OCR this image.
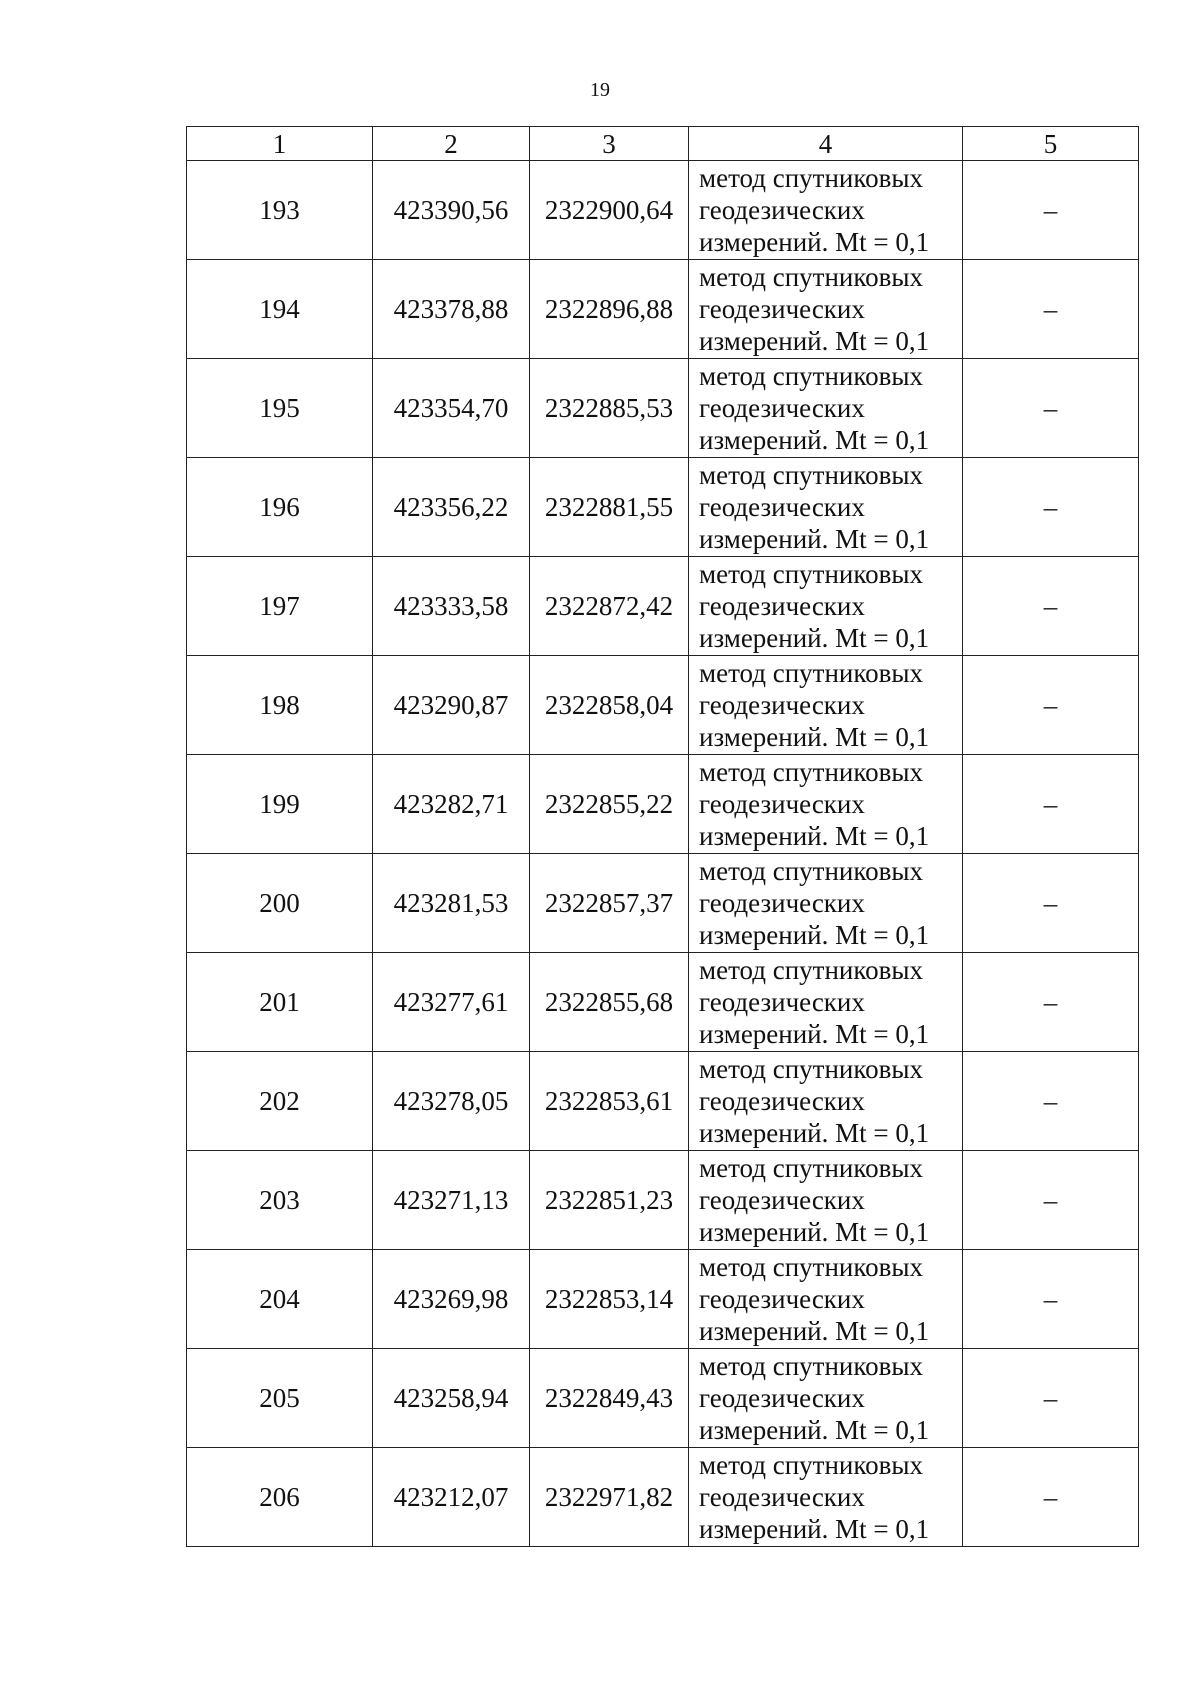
19
1	2	3	4	5
193	423390,56	2322900,64	метод спутниковых
геодезических
измерений. Mt = 0,1	–
194	423378,88	2322896,88	метод спутниковых
геодезических
измерений. Mt = 0,1	–
195	423354,70	2322885,53	метод спутниковых
геодезических
измерений. Mt = 0,1	–
196	423356,22	2322881,55	метод спутниковых
геодезических
измерений. Mt = 0,1	–
197	423333,58	2322872,42	метод спутниковых
геодезических
измерений. Mt = 0,1	–
198	423290,87	2322858,04	метод спутниковых
геодезических
измерений. Mt = 0,1	–
199	423282,71	2322855,22	метод спутниковых
геодезических
измерений. Mt = 0,1	–
200	423281,53	2322857,37	метод спутниковых
геодезических
измерений. Mt = 0,1	–
201	423277,61	2322855,68	метод спутниковых
геодезических
измерений. Mt = 0,1	–
202	423278,05	2322853,61	метод спутниковых
геодезических
измерений. Mt = 0,1	–
203	423271,13	2322851,23	метод спутниковых
геодезических
измерений. Mt = 0,1	–
204	423269,98	2322853,14	метод спутниковых
геодезических
измерений. Mt = 0,1	–
205	423258,94	2322849,43	метод спутниковых
геодезических
измерений. Mt = 0,1	–
206	423212,07	2322971,82	метод спутниковых
геодезических
измерений. Mt = 0,1	–
